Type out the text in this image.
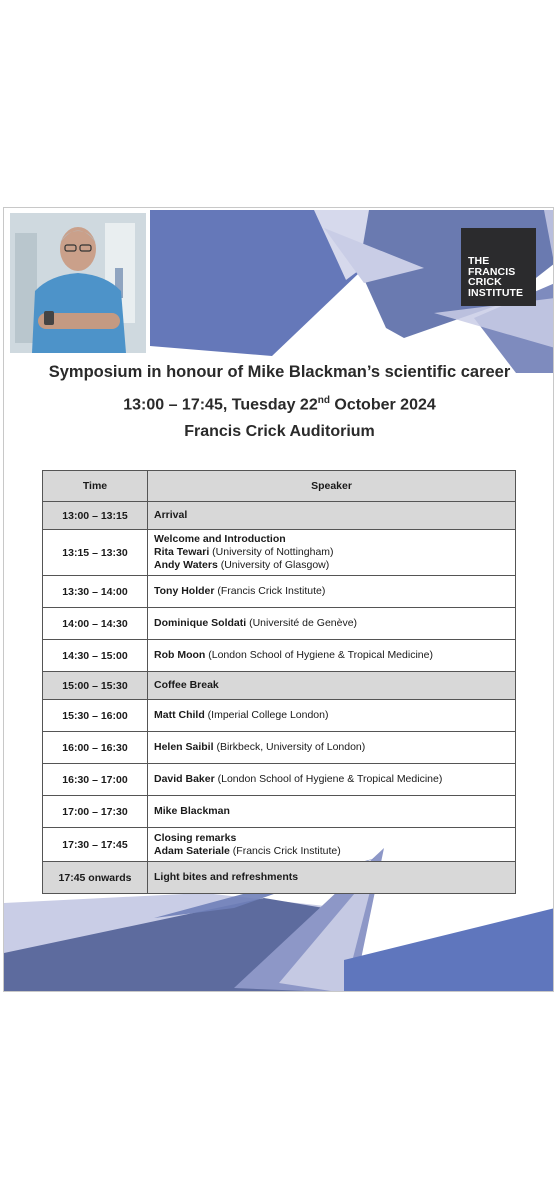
THE
FRANCIS
CRICK
INSTITUTE
Symposium in honour of Mike Blackman’s scientific career
13:00 – 17:45, Tuesday 22nd October 2024
Francis Crick Auditorium
Time	Speaker
13:00 – 13:15	Arrival

13:15 – 13:30	Welcome and Introduction
Rita Tewari (University of Nottingham)
Andy Waters (University of Glasgow)

13:30 – 14:00	Tony Holder (Francis Crick Institute)

14:00 – 14:30	Dominique Soldati (Université de Genève)

14:30 – 15:00	Rob Moon (London School of Hygiene & Tropical Medicine)

15:00 – 15:30	Coffee Break

15:30 – 16:00	Matt Child (Imperial College London)

16:00 – 16:30	Helen Saibil (Birkbeck, University of London)

16:30 – 17:00	David Baker (London School of Hygiene & Tropical Medicine)

17:00 – 17:30	Mike Blackman

17:30 – 17:45	Closing remarks
Adam Sateriale (Francis Crick Institute)

17:45 onwards	Light bites and refreshments
